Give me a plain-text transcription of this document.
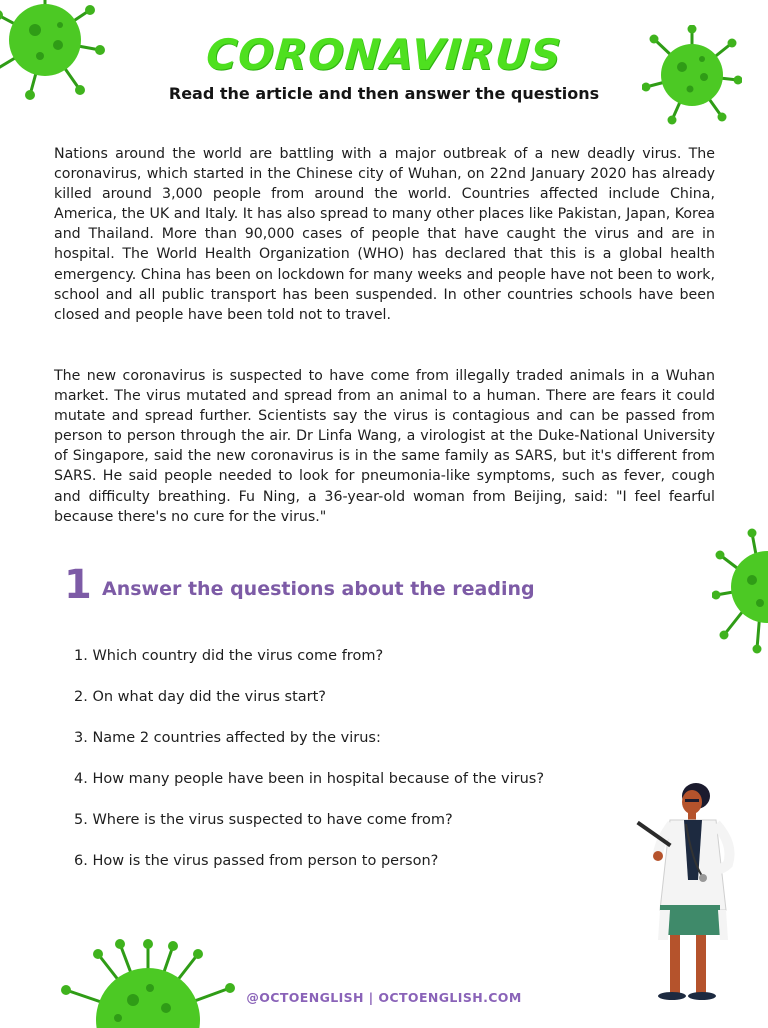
CORONAVIRUS
Read the article and then answer the questions

Nations around the world are battling with a major outbreak of a new deadly virus. The coronavirus, which started in the Chinese city of Wuhan, on 22nd January 2020 has already killed around 3,000 people from around the world. Countries affected include China, America, the UK and Italy. It has also spread to many other places like Pakistan, Japan, Korea and Thailand. More than 90,000 cases of people that have caught the virus and are in hospital. The World Health Organization (WHO) has declared that this is a global health emergency. China has been on lockdown for many weeks and people have not been to work, school and all public transport has been suspended. In other countries schools have been closed and people have been told not to travel.

The new coronavirus is suspected to have come from illegally traded animals in a Wuhan market. The virus mutated and spread from an animal to a human. There are fears it could mutate and spread further. Scientists say the virus is contagious and can be passed from person to person through the air. Dr Linfa Wang, a virologist at the Duke-National University of Singapore, said the new coronavirus is in the same family as SARS, but it's different from SARS. He said people needed to look for pneumonia-like symptoms, such as fever, cough and difficulty breathing. Fu Ning, a 36-year-old woman from Beijing, said: "I feel fearful because there's no cure for the virus."

1 Answer the questions about the reading
1. Which country did the virus come from?
2. On what day did the virus start?
3. Name 2 countries affected by the virus:
4. How many people have been in hospital because of the virus?
5. Where is the virus suspected to have come from?
6. How is the virus passed from person to person?
@OCTOENGLISH | OCTOENGLISH.COM
